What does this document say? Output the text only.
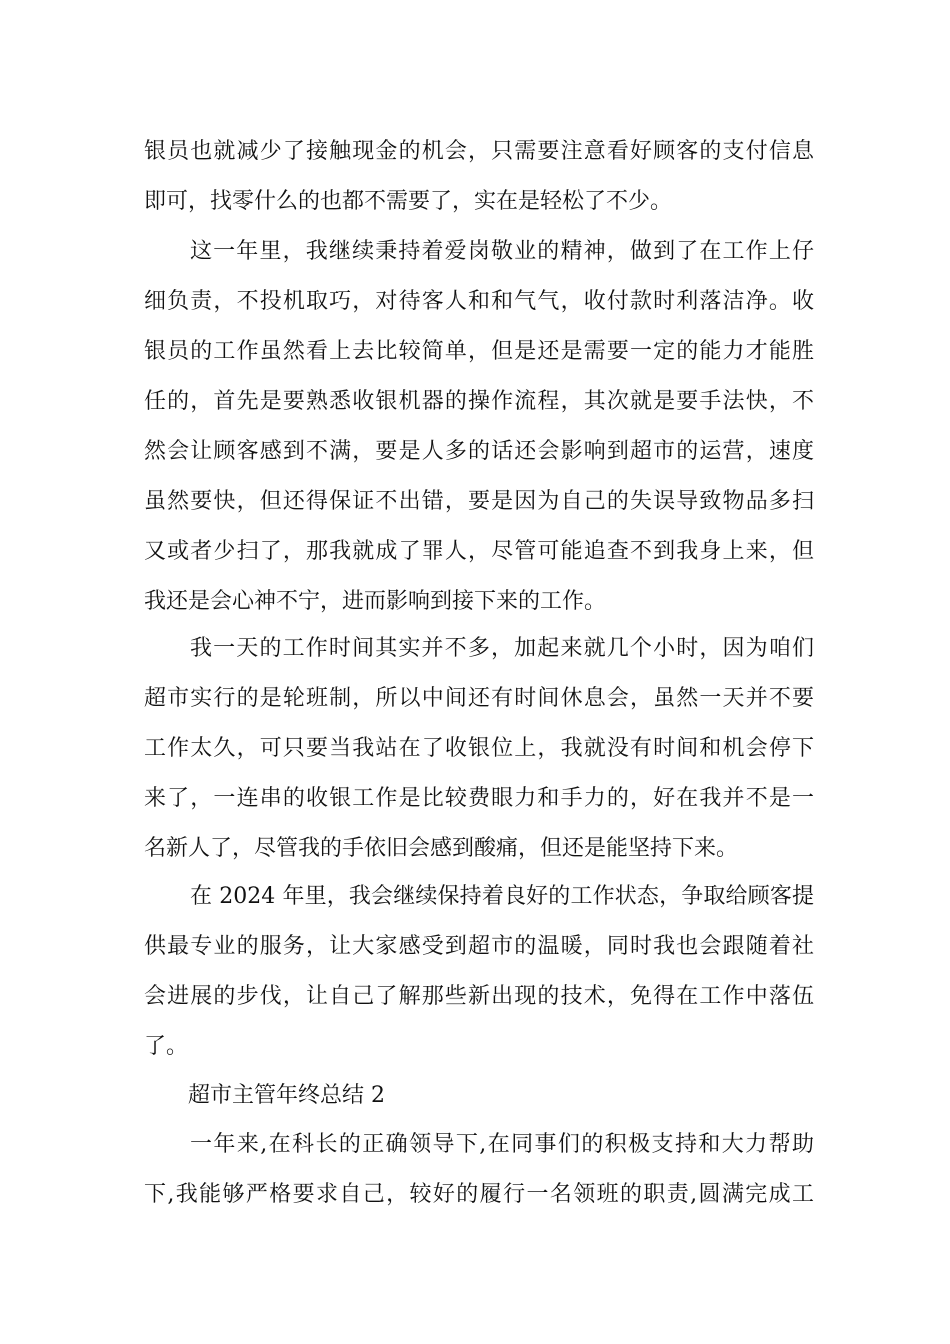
银员也就减少了接触现金的机会，只需要注意看好顾客的支付信息
即可，找零什么的也都不需要了，实在是轻松了不少。
这一年里，我继续秉持着爱岗敬业的精神，做到了在工作上仔
细负责，不投机取巧，对待客人和和气气，收付款时利落洁净。收
银员的工作虽然看上去比较简单，但是还是需要一定的能力才能胜
任的，首先是要熟悉收银机器的操作流程，其次就是要手法快，不
然会让顾客感到不满，要是人多的话还会影响到超市的运营，速度
虽然要快，但还得保证不出错，要是因为自己的失误导致物品多扫
又或者少扫了，那我就成了罪人，尽管可能追查不到我身上来，但
我还是会心神不宁，进而影响到接下来的工作。
我一天的工作时间其实并不多，加起来就几个小时，因为咱们
超市实行的是轮班制，所以中间还有时间休息会，虽然一天并不要
工作太久，可只要当我站在了收银位上，我就没有时间和机会停下
来了，一连串的收银工作是比较费眼力和手力的，好在我并不是一
名新人了，尽管我的手依旧会感到酸痛，但还是能坚持下来。
在 2024 年里，我会继续保持着良好的工作状态，争取给顾客提
供最专业的服务，让大家感受到超市的温暖，同时我也会跟随着社
会进展的步伐，让自己了解那些新出现的技术，免得在工作中落伍
了。
超市主管年终总结 2
一年来,在科长的正确领导下,在同事们的积极支持和大力帮助
下,我能够严格要求自己，较好的履行一名领班的职责,圆满完成工
